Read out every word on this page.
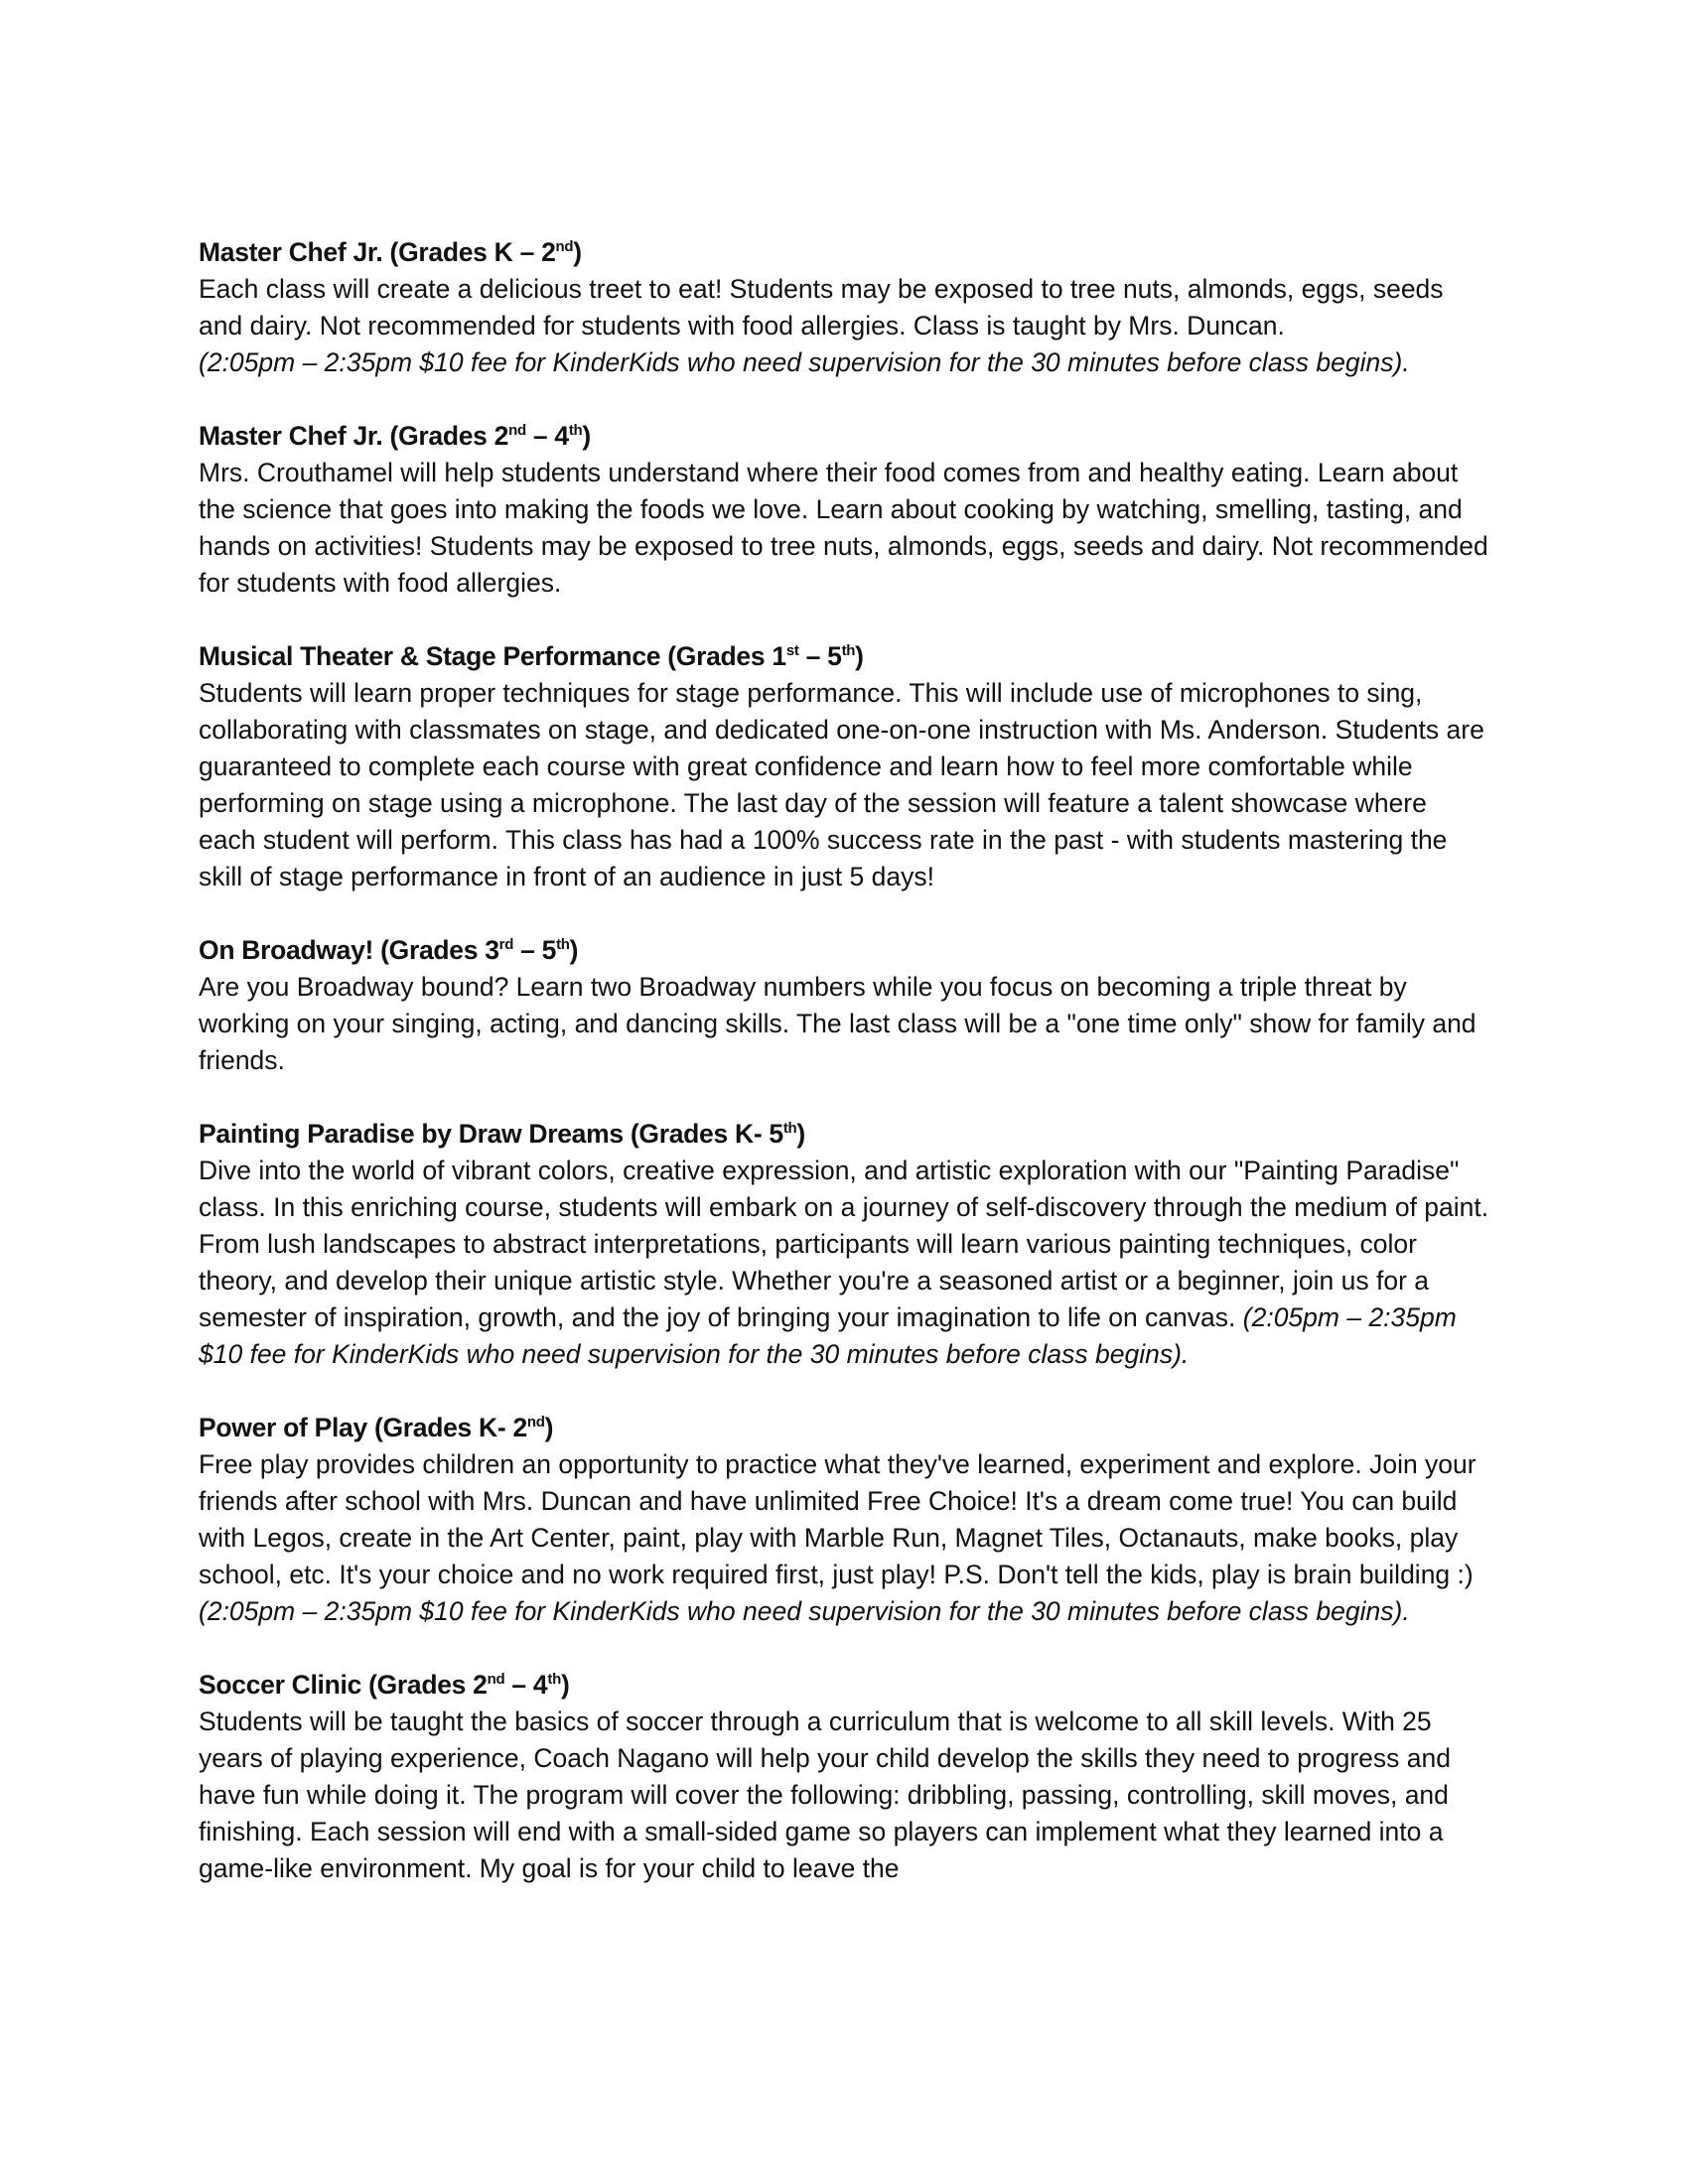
Master Chef Jr. (Grades K – 2nd)
Each class will create a delicious treet to eat! Students may be exposed to tree nuts, almonds, eggs, seeds and dairy. Not recommended for students with food allergies. Class is taught by Mrs. Duncan.
(2:05pm – 2:35pm $10 fee for KinderKids who need supervision for the 30 minutes before class begins).
Master Chef Jr. (Grades 2nd – 4th)
Mrs. Crouthamel will help students understand where their food comes from and healthy eating. Learn about the science that goes into making the foods we love. Learn about cooking by watching, smelling, tasting, and hands on activities! Students may be exposed to tree nuts, almonds, eggs, seeds and dairy. Not recommended for students with food allergies.
Musical Theater & Stage Performance (Grades 1st – 5th)
Students will learn proper techniques for stage performance. This will include use of microphones to sing, collaborating with classmates on stage, and dedicated one-on-one instruction with Ms. Anderson. Students are guaranteed to complete each course with great confidence and learn how to feel more comfortable while performing on stage using a microphone. The last day of the session will feature a talent showcase where each student will perform. This class has had a 100% success rate in the past - with students mastering the skill of stage performance in front of an audience in just 5 days!
On Broadway! (Grades 3rd – 5th)
Are you Broadway bound? Learn two Broadway numbers while you focus on becoming a triple threat by working on your singing, acting, and dancing skills. The last class will be a "one time only" show for family and friends.
Painting Paradise by Draw Dreams (Grades K- 5th)
Dive into the world of vibrant colors, creative expression, and artistic exploration with our "Painting Paradise" class. In this enriching course, students will embark on a journey of self-discovery through the medium of paint. From lush landscapes to abstract interpretations, participants will learn various painting techniques, color theory, and develop their unique artistic style. Whether you're a seasoned artist or a beginner, join us for a semester of inspiration, growth, and the joy of bringing your imagination to life on canvas. (2:05pm – 2:35pm $10 fee for KinderKids who need supervision for the 30 minutes before class begins).
Power of Play (Grades K- 2nd)
Free play provides children an opportunity to practice what they've learned, experiment and explore. Join your friends after school with Mrs. Duncan and have unlimited Free Choice! It's a dream come true! You can build with Legos, create in the Art Center, paint, play with Marble Run, Magnet Tiles, Octanauts, make books, play school, etc. It's your choice and no work required first, just play! P.S. Don't tell the kids, play is brain building :) (2:05pm – 2:35pm $10 fee for KinderKids who need supervision for the 30 minutes before class begins).
Soccer Clinic (Grades 2nd – 4th)
Students will be taught the basics of soccer through a curriculum that is welcome to all skill levels. With 25 years of playing experience, Coach Nagano will help your child develop the skills they need to progress and have fun while doing it. The program will cover the following: dribbling, passing, controlling, skill moves, and finishing. Each session will end with a small-sided game so players can implement what they learned into a game-like environment. My goal is for your child to leave the
